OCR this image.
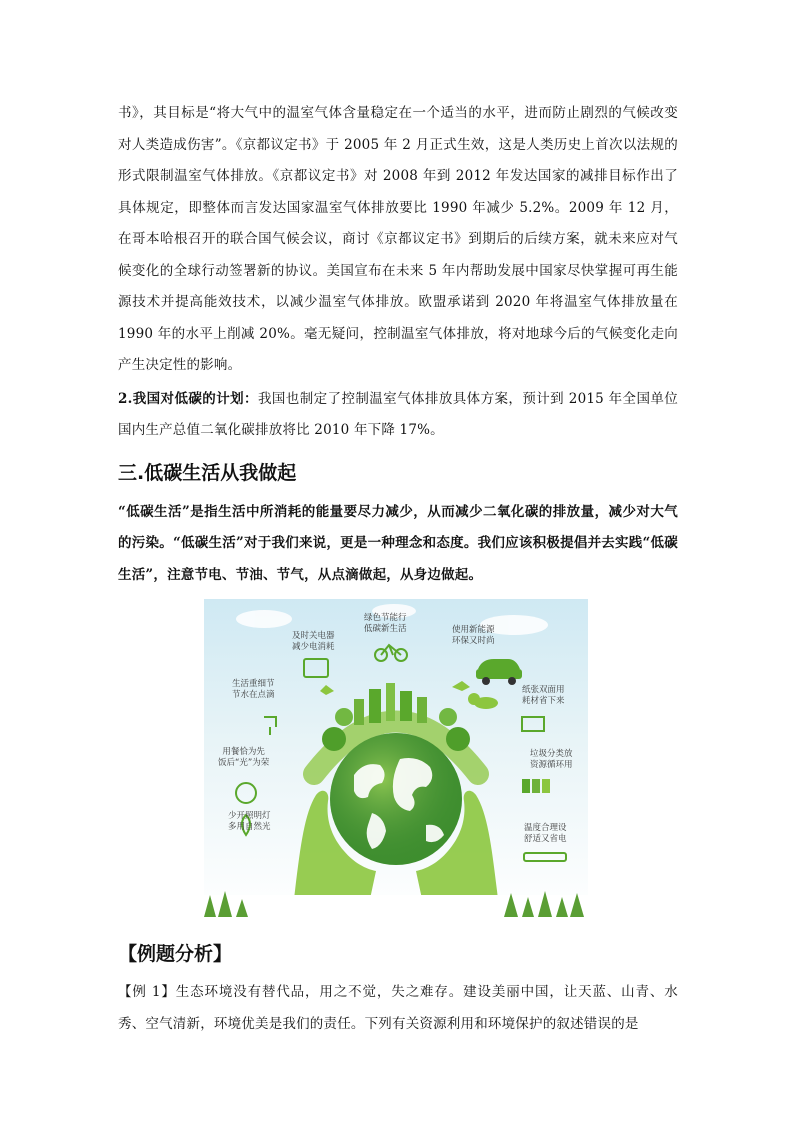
书》，其目标是“将大气中的温室气体含量稳定在一个适当的水平，进而防止剧烈的气候改变对人类造成伤害”。《京都议定书》于 2005 年 2 月正式生效，这是人类历史上首次以法规的形式限制温室气体排放。《京都议定书》对 2008 年到 2012 年发达国家的减排目标作出了具体规定，即整体而言发达国家温室气体排放要比 1990 年减少 5.2%。2009 年 12 月，在哥本哈根召开的联合国气候会议，商讨《京都议定书》到期后的后续方案，就未来应对气候变化的全球行动签署新的协议。美国宣布在未来 5 年内帮助发展中国家尽快掌握可再生能源技术并提高能效技术，以减少温室气体排放。欧盟承诺到 2020 年将温室气体排放量在 1990 年的水平上削减 20%。毫无疑问，控制温室气体排放，将对地球今后的气候变化走向产生决定性的影响。

2.我国对低碳的计划：我国也制定了控制温室气体排放具体方案，预计到 2015 年全国单位国内生产总值二氧化碳排放将比 2010 年下降 17%。

三.低碳生活从我做起

“低碳生活”是指生活中所消耗的能量要尽力减少，从而减少二氧化碳的排放量，减少对大气的污染。“低碳生活”对于我们来说，更是一种理念和态度。我们应该积极提倡并去实践“低碳生活”，注意节电、节油、节气，从点滴做起，从身边做起。

及时关电器
减少电消耗
绿色节能行
低碳新生活	使用新能源
环保又时尚
生活重细节
节水在点滴	纸张双面用
耗材省下来
用餐恰为先
饭后“光”为荣
垃圾分类放
资源循环用
少开照明灯
多用自然光	温度合理设
舒适又省电
【例题分析】

【例 1】生态环境没有替代品，用之不觉，失之难存。建设美丽中国，让天蓝、山青、水秀、空气清新，环境优美是我们的责任。下列有关资源利用和环境保护的叙述错误的是
